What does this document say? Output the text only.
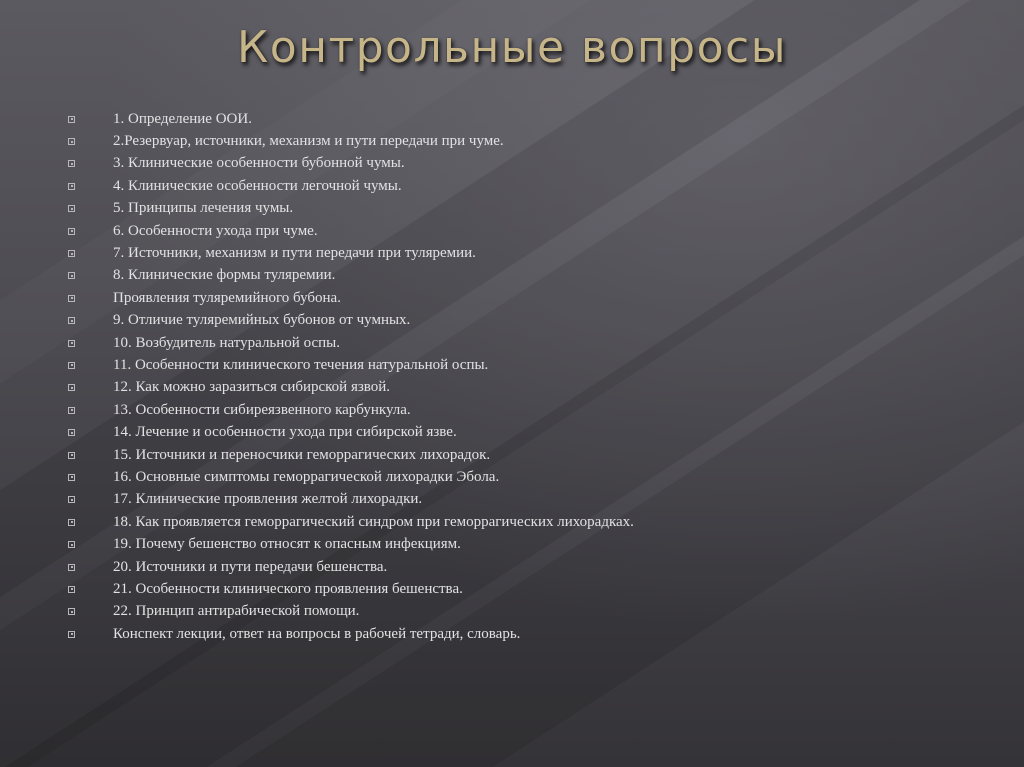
Контрольные вопросы
1. Определение ООИ.
2.Резервуар, источники, механизм и пути передачи при чуме.
3. Клинические особенности бубонной чумы.
4. Клинические особенности легочной чумы.
5. Принципы лечения чумы.
6. Особенности ухода при чуме.
7. Источники, механизм и пути передачи при туляремии.
8. Клинические формы туляремии.
Проявления туляремийного бубона.
9. Отличие туляремийных бубонов от чумных.
10. Возбудитель натуральной оспы.
11. Особенности клинического течения натуральной оспы.
12. Как можно заразиться сибирской язвой.
13. Особенности сибиреязвенного карбункула.
14. Лечение и особенности ухода при сибирской язве.
15. Источники и переносчики геморрагических лихорадок.
16. Основные симптомы геморрагической лихорадки Эбола.
17. Клинические проявления желтой лихорадки.
18. Как проявляется геморрагический синдром при геморрагических лихорадках.
19. Почему бешенство относят к опасным инфекциям.
20. Источники и пути передачи бешенства.
21. Особенности клинического проявления бешенства.
22. Принцип антирабической помощи.
Конспект лекции, ответ на вопросы в рабочей тетради, словарь.
